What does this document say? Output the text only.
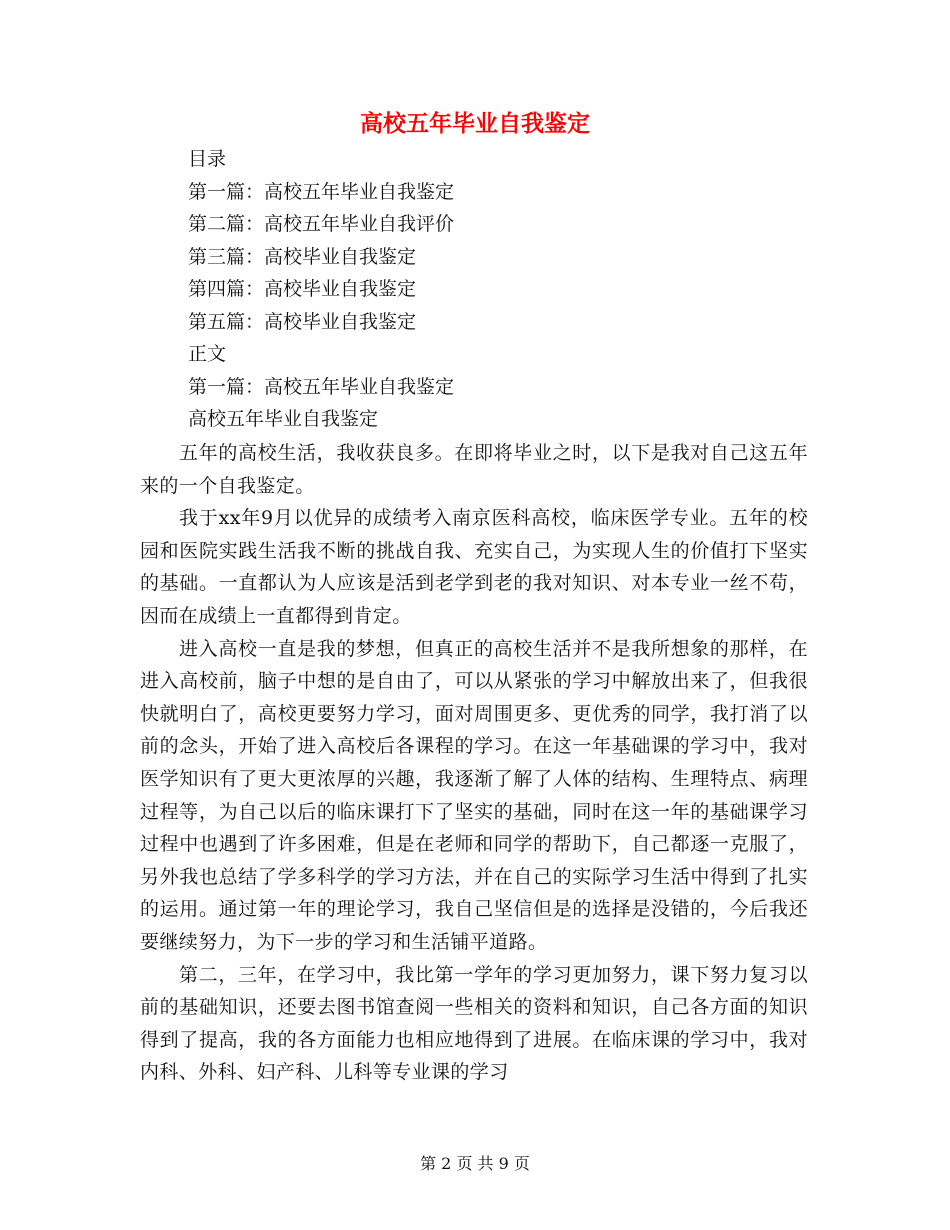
高校五年毕业自我鉴定
目录
第一篇：高校五年毕业自我鉴定
第二篇：高校五年毕业自我评价
第三篇：高校毕业自我鉴定
第四篇：高校毕业自我鉴定
第五篇：高校毕业自我鉴定
正文
第一篇：高校五年毕业自我鉴定
高校五年毕业自我鉴定

五年的高校生活，我收获良多。在即将毕业之时，以下是我对自己这五年来的一个自我鉴定。

我于xx年9月以优异的成绩考入南京医科高校，临床医学专业。五年的校园和医院实践生活我不断的挑战自我、充实自己，为实现人生的价值打下坚实的基础。一直都认为人应该是活到老学到老的我对知识、对本专业一丝不苟，因而在成绩上一直都得到肯定。

进入高校一直是我的梦想，但真正的高校生活并不是我所想象的那样，在进入高校前，脑子中想的是自由了，可以从紧张的学习中解放出来了，但我很快就明白了，高校更要努力学习，面对周围更多、更优秀的同学，我打消了以前的念头，开始了进入高校后各课程的学习。在这一年基础课的学习中，我对医学知识有了更大更浓厚的兴趣，我逐渐了解了人体的结构、生理特点、病理过程等，为自己以后的临床课打下了坚实的基础，同时在这一年的基础课学习过程中也遇到了许多困难，但是在老师和同学的帮助下，自己都逐一克服了，另外我也总结了学多科学的学习方法，并在自己的实际学习生活中得到了扎实的运用。通过第一年的理论学习，我自己坚信但是的选择是没错的，今后我还要继续努力，为下一步的学习和生活铺平道路。

第二，三年，在学习中，我比第一学年的学习更加努力，课下努力复习以前的基础知识，还要去图书馆查阅一些相关的资料和知识，自己各方面的知识得到了提高，我的各方面能力也相应地得到了进展。在临床课的学习中，我对内科、外科、妇产科、儿科等专业课的学习

第 2 页 共 9 页
